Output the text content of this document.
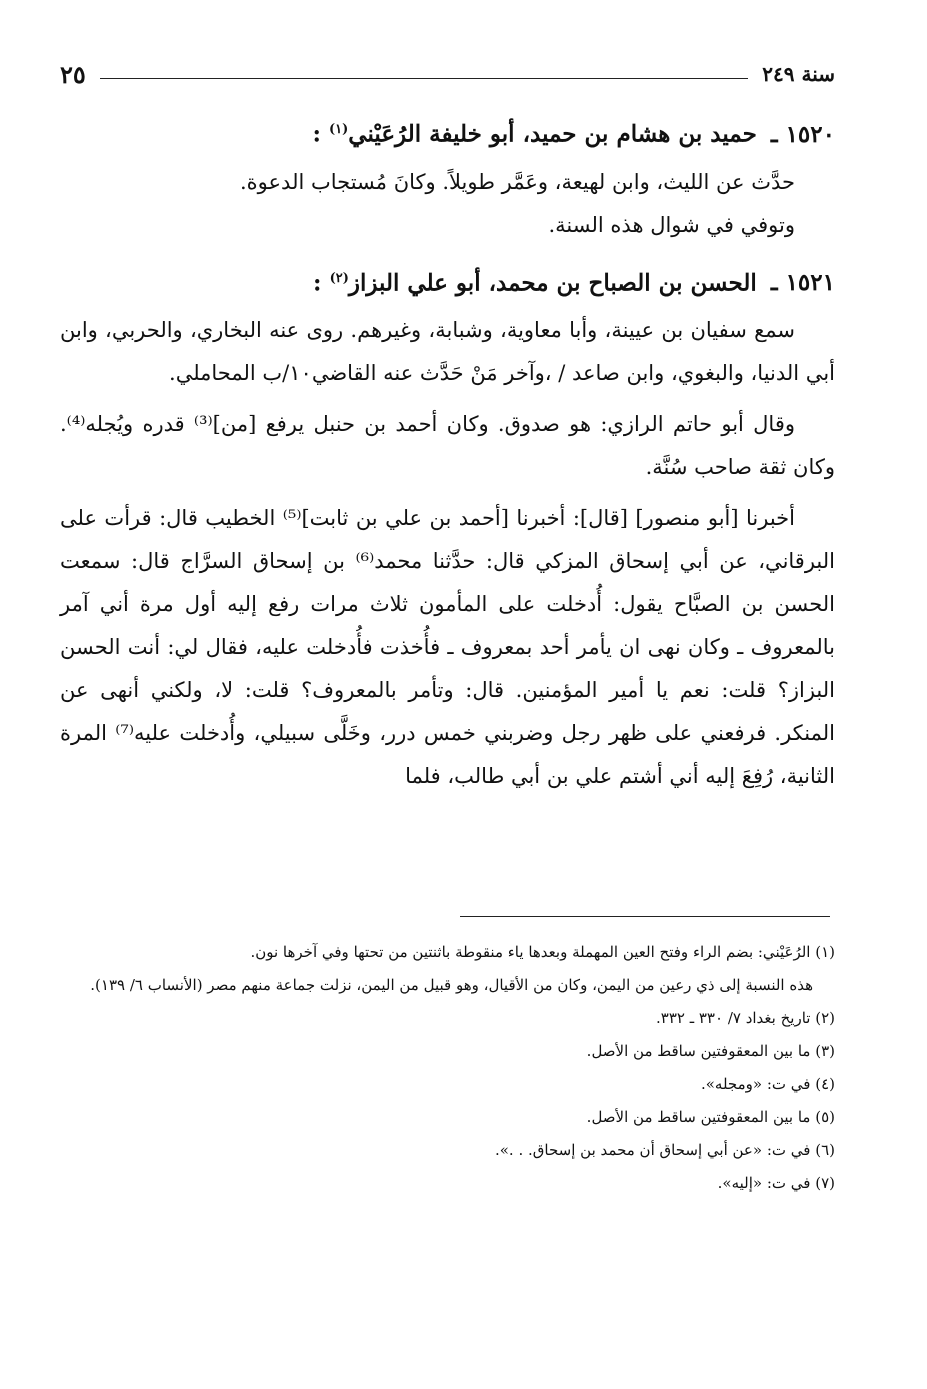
سنة ٢٤٩
٢٥
١٥٢٠ ـ حميد بن هشام بن حميد، أبو خليفة الرُعَيْني$^{(١)}$ :

حدَّث عن الليث، وابن لهيعة، وعَمَّر طويلاً. وكانَ مُستجاب الدعوة.

وتوفي في شوال هذه السنة.

١٥٢١ ـ الحسن بن الصباح بن محمد، أبو علي البزاز$^{(٢)}$ :

سمع سفيان بن عيينة، وأبا معاوية، وشبابة، وغيرهم. روى عنه البخاري، والحربي، وابن أبي الدنيا، والبغوي، وابن صاعد / ،وآخر مَنْ حَدَّث عنه القاضي١٠/ب المحاملي.

وقال أبو حاتم الرازي: هو صدوق. وكان أحمد بن حنبل يرفع [من]⁽³⁾ قدره ويُجله⁽⁴⁾. وكان ثقة صاحب سُنَّة.

أخبرنا [أبو منصور] [قال]: أخبرنا [أحمد بن علي بن ثابت]⁽⁵⁾ الخطيب قال: قرأت على البرقاني، عن أبي إسحاق المزكي قال: حدَّثنا محمد⁽⁶⁾ بن إسحاق السرَّاج قال: سمعت الحسن بن الصبَّاح يقول: أُدخلت على المأمون ثلاث مرات رفع إليه أول مرة أني آمر بالمعروف ـ وكان نهى ان يأمر أحد بمعروف ـ فأُخذت فأُدخلت عليه، فقال لي: أنت الحسن البزاز؟ قلت: نعم يا أمير المؤمنين. قال: وتأمر بالمعروف؟ قلت: لا، ولكني أنهى عن المنكر. فرفعني على ظهر رجل وضربني خمس درر، وخَلَّى سبيلي، وأُدخلت عليه⁽⁷⁾ المرة الثانية، رُفِعَ إليه أني أشتم علي بن أبي طالب، فلما

(١) الرُعَيْني: بضم الراء وفتح العين المهملة وبعدها ياء منقوطة باثنتين من تحتها وفي آخرها نون.

هذه النسبة إلى ذي رعين من اليمن، وكان من الأقيال، وهو قبيل من اليمن، نزلت جماعة منهم مصر (الأنساب ٦/ ١٣٩).

(٢) تاريخ بغداد ٧/ ٣٣٠ ـ ٣٣٢.

(٣) ما بين المعقوفتين ساقط من الأصل.

(٤) في ت: «ومجله».

(٥) ما بين المعقوفتين ساقط من الأصل.

(٦) في ت: «عن أبي إسحاق أن محمد بن إسحاق. . .».

(٧) في ت: «إليه».
